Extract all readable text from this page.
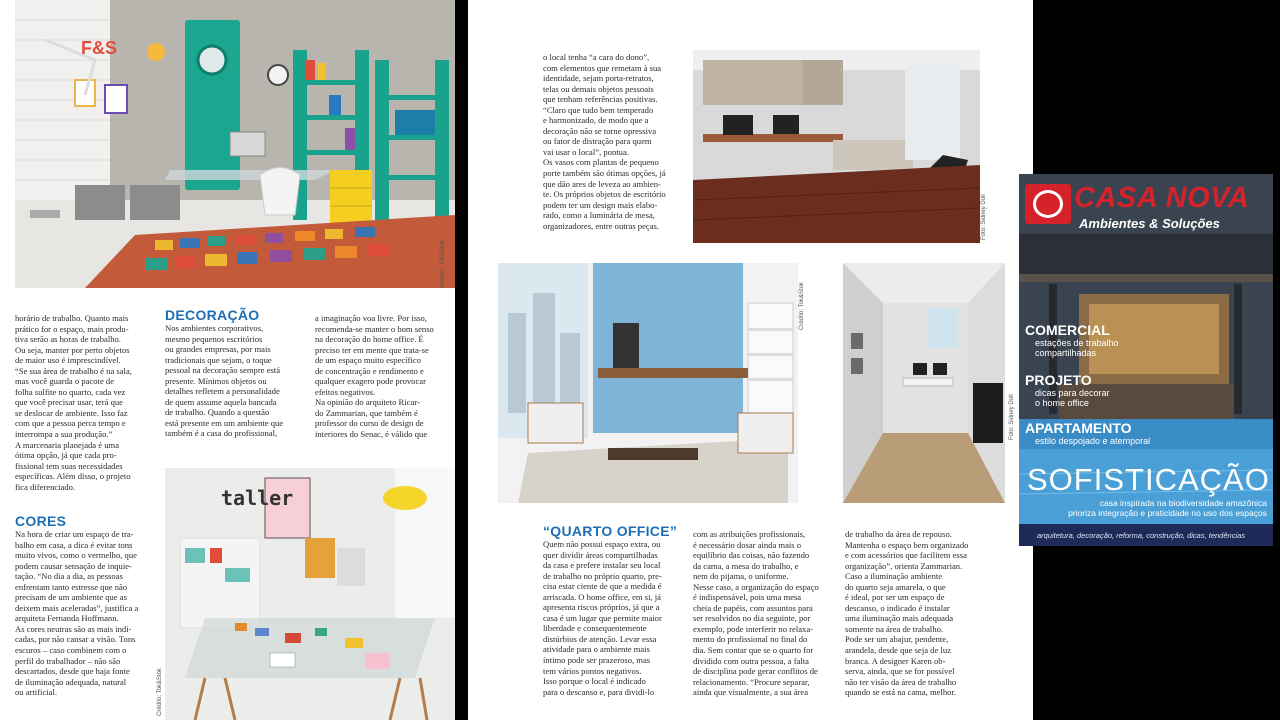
F&S
Crédito: Tok&Stok
horário de trabalho. Quanto mais
prático for o espaço, mais produ-
tiva serão as horas de trabalho.
Ou seja, manter por perto objetos
de maior uso é imprescindível.
“Se sua área de trabalho é na sala,
mas você guarda o pacote de
folha sulfite no quarto, cada vez
que você precisar usar, terá que
se deslocar de ambiente. Isso faz
com que a pessoa perca tempo e
interrompa a sua produção.”
A marcenaria planejada é uma
ótima opção, já que cada pro-
fissional tem suas necessidades
específicas. Além disso, o projeto
fica diferenciado.
CORES
Na hora de criar um espaço de tra-
balho em casa, a dica é evitar tons
muito vivos, como o vermelho, que
podem causar sensação de inquie-
tação. “No dia a dia, as pessoas
enfrentam tanto estresse que não
precisam de um ambiente que as
deixem mais aceleradas”, justifica a
arquiteta Fernanda Hoffmann.
As cores neutras são as mais indi-
cadas, por não cansar a visão. Tons
escuros – caso combinem com o
perfil do trabalhador – não são
descartados, desde que haja fonte
de iluminação adequada, natural
ou artificial.
DECORAÇÃO
Nos ambientes corporativos,
mesmo pequenos escritórios
ou grandes empresas, por mais
tradicionais que sejam, o toque
pessoal na decoração sempre está
presente. Mínimos objetos ou
detalhes refletem a personalidade
de quem assume aquela bancada
de trabalho. Quando a questão
está presente em um ambiente que
também é a casa do profissional,
a imaginação voa livre. Por isso,
recomenda-se manter o bom senso
na decoração do home office. É
preciso ter em mente que trata-se
de um espaço muito específico
de concentração e rendimento e
qualquer exagero pode provocar
efeitos negativos.
Na opinião do arquiteto Ricar-
do Zammarian, que também é
professor do curso de design de
interiores do Senac, é válido que
taller
Crédito: Tok&Stok
o local tenha “a cara do dono”,
com elementos que remetam à sua
identidade, sejam porta-retratos,
telas ou demais objetos pessoais
que tenham referências positivas.
“Claro que tudo bem temperado
e harmonizado, de modo que a
decoração não se torne opressiva
ou fator de distração para quem
vai usar o local”, pontua.
Os vasos com plantas de pequeno
porte também são ótimas opções, já
que dão ares de leveza ao ambien-
te. Os próprios objetos de escritório
podem ter um design mais elabo-
rado, como a luminária de mesa,
organizadores, entre outras peças.	Foto: Sidney Doll
Crédito: Tok&Stok
Foto: Sidney Doll
“QUARTO OFFICE”
Quem não possui espaço extra, ou
quer dividir áreas compartilhadas
da casa e prefere instalar seu local
de trabalho no próprio quarto, pre-
cisa estar ciente de que a medida é
arriscada. O home office, em si, já
apresenta riscos próprios, já que a
casa é um lugar que permite maior
liberdade e consequentemente
distúrbios de atenção. Levar essa
atividade para o ambiente mais
íntimo pode ser prazeroso, mas
tem vários pontos negativos.
Isso porque o local é indicado
para o descanso e, para dividi-lo
com as atribuições profissionais,
é necessário dosar ainda mais o
equilíbrio das coisas, não fazendo
da cama, a mesa do trabalho, e
nem do pijama, o uniforme.
Nesse caso, a organização do espaço
é indispensável, pois uma mesa
cheia de papéis, com assuntos para
ser resolvidos no dia seguinte, por
exemplo, pode interferir no relaxa-
mento do profissional no final do
dia. Sem contar que se o quarto for
dividido com outra pessoa, a falta
de disciplina pode gerar conflitos de
relacionamento. “Procure separar,
ainda que visualmente, a sua área
de trabalho da área de repouso.
Mantenha o espaço bem organizado
e com acessórios que facilitem essa
organização”, orienta Zammarian.
Caso a iluminação ambiente
do quarto seja amarela, o que
é ideal, por ser um espaço de
descanso, o indicado é instalar
uma iluminação mais adequada
somente na área de trabalho.
Pode ser um abajur, pendente,
arandela, desde que seja de luz
branca. A designer Karen ob-
serva, ainda, que se for possível
não ter visão da área de trabalho
quando se está na cama, melhor.
CASA NOVA
Ambientes & Soluções
COMERCIAL
estações de trabalho
compartilhadas
PROJETO
dicas para decorar
o home office
APARTAMENTO
estilo despojado e atemporal
SOFISTICAÇÃO
casa inspirada na biodiversidade amazônica
prioriza integração e praticidade no uso dos espaços
arquitetura, decoração, reforma, construção, dicas, tendências
